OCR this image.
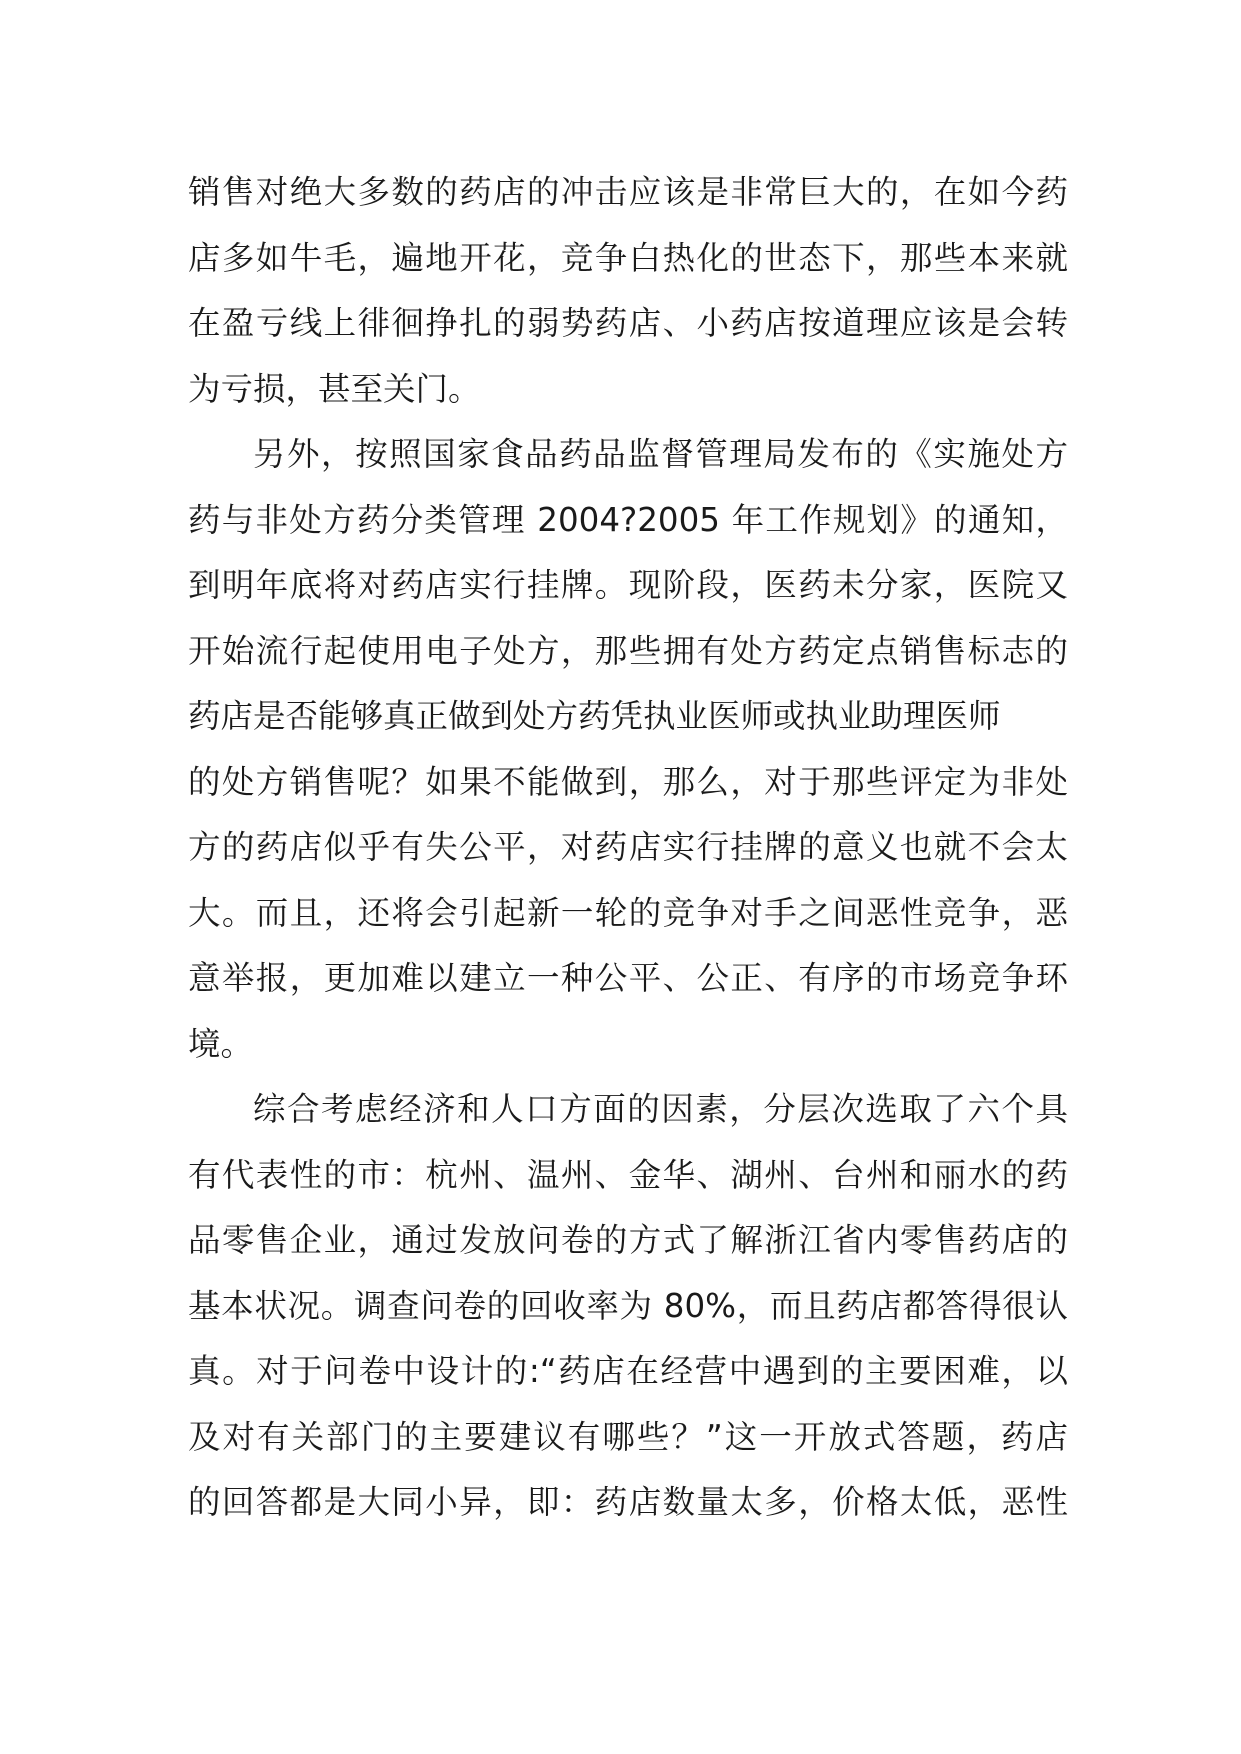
销售对绝大多数的药店的冲击应该是非常巨大的，在如今药
店多如牛毛，遍地开花，竞争白热化的世态下，那些本来就
在盈亏线上徘徊挣扎的弱势药店、小药店按道理应该是会转
为亏损，甚至关门。
另外，按照国家食品药品监督管理局发布的《实施处方
药与非处方药分类管理 2004?2005 年工作规划》的通知，
到明年底将对药店实行挂牌。现阶段，医药未分家，医院又
开始流行起使用电子处方，那些拥有处方药定点销售标志的
药店是否能够真正做到处方药凭执业医师或执业助理医师
的处方销售呢？如果不能做到，那么，对于那些评定为非处
方的药店似乎有失公平，对药店实行挂牌的意义也就不会太
大。而且，还将会引起新一轮的竞争对手之间恶性竞争，恶
意举报，更加难以建立一种公平、公正、有序的市场竞争环
境。
综合考虑经济和人口方面的因素，分层次选取了六个具
有代表性的市：杭州、温州、金华、湖州、台州和丽水的药
品零售企业，通过发放问卷的方式了解浙江省内零售药店的
基本状况。调查问卷的回收率为 80%，而且药店都答得很认
真。对于问卷中设计的:“药店在经营中遇到的主要困难，以
及对有关部门的主要建议有哪些？”这一开放式答题，药店
的回答都是大同小异，即：药店数量太多，价格太低，恶性
